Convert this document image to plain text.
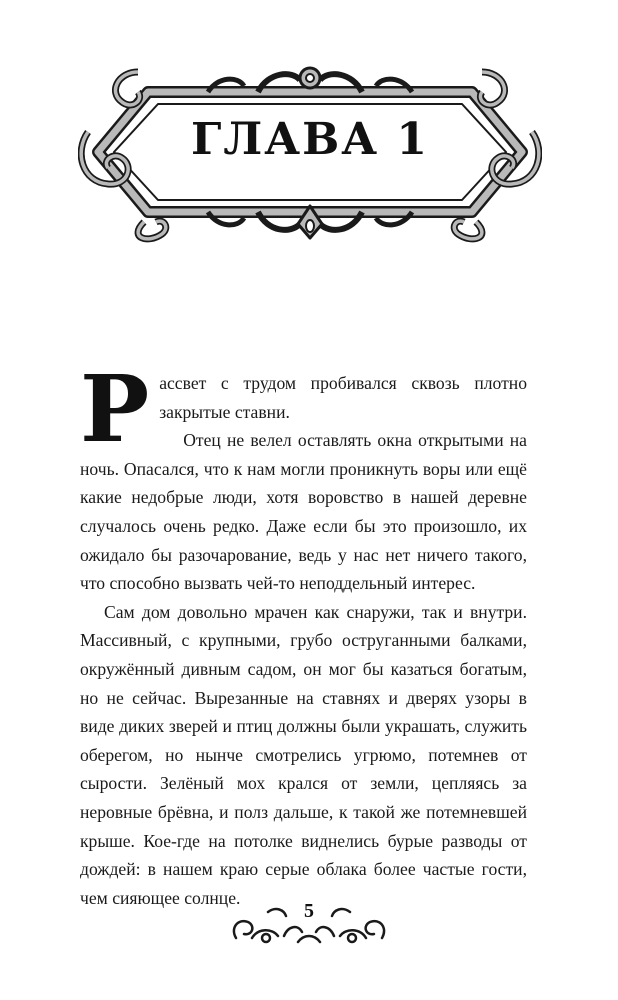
ГЛАВА 1

Рассвет с трудом пробивался сквозь плотно закрытые ставни.

Отец не велел оставлять окна открытыми на ночь. Опасался, что к нам могли проникнуть воры или ещё какие недобрые люди, хотя воровство в нашей деревне случалось очень редко. Даже если бы это произошло, их ожидало бы разочарование, ведь у нас нет ничего такого, что способно вызвать чей-то неподдельный интерес.

Сам дом довольно мрачен как снаружи, так и внутри. Массивный, с крупными, грубо оструганными балками, окружённый дивным садом, он мог бы казаться богатым, но не сейчас. Вырезанные на ставнях и дверях узоры в виде диких зверей и птиц должны были украшать, служить оберегом, но нынче смотрелись угрюмо, потемнев от сырости. Зелёный мох крался от земли, цепляясь за неровные брёвна, и полз дальше, к такой же потемневшей крыше. Кое-где на потолке виднелись бурые разводы от дождей: в нашем краю серые облака более частые гости, чем сияющее солнце.

5
